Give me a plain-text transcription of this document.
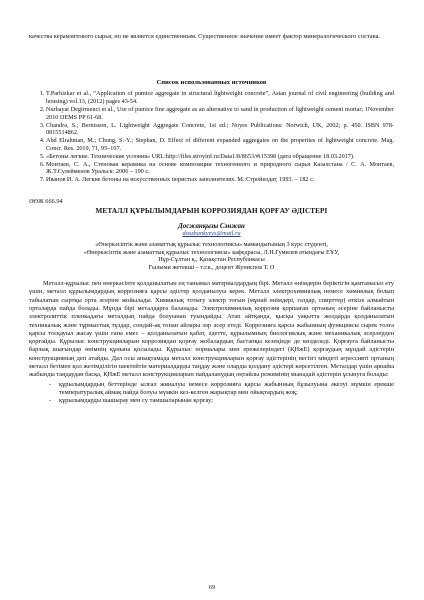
качества керамзитового сырья, но не является единственным. Существенное значение имеет фактор минералогического состава.

Список использованных источников
1. T.Parhizkar et al., “Application of pumice aggregate in structural lightweight concrete”, Asian journal of civil engineering (building and housing) vol.13, (2012) pages 43-54.
2. Nurhayat Degirmenci et al., Use of pumice fine aggregate as an alternative to sand in production of lightweight cement mortar; 1November 2010 IJEMS PP 61-68.
3. Chandra, S.; Berntsson, L. Lightweight Aggregate Concrete, 1st ed.; Noyes Publications: Norwich, UK, 2002; p. 450. ISBN 978-0815514862.
4. Abd Elrahman, M.; Chung, S.-Y.; Stephan, D. Effect of different expanded aggregates on the properties of lightweight concrete. Mag. Concr. Res. 2019, 71, 95–107.
5. «Бетоны легкие. Технические условия» URL:http://files.stroyinf.ru/Data1/8/8653/#i15398 (дата обращение 18.03.2017).
6. Монтаев, С. А., Стеновая керамика на основе композиции техногенного и природного сырья Казахстана / С. А. Монтаев, Ж.Т.Сулейменов Уральск: 2006 – 190 с.
7. Иванов И. А. Легкие бетоны на искусственных пористых заполнителях. М.:Стройиздат, 1993. – 182 с.
ӘӨЖ 666.94
МЕТАЛЛ ҚҰРЫЛЫМДАРЫН КОРРОЗИЯДАН ҚОРҒАУ ӘДІСТЕРІ
Досжанқызы Сәнжан
doszhankyzys@mail.ru
«Өнеркәсіптік және азаматтық құрылыс технологиясы» мамандығының 3 курс студенті,
«Өнеркәсіптік және азаматтық құрылыс технологиясы» кафедрасы, Л.Н.Гумилев атындағы ЕҰУ,
Нұр-Сұлтан қ., Қазақстан Республикасы
Ғылыми жетекші – т.г.к., доцент Жуниспов Т. О

Металл-құрылыс пен өнеркәсіпте қолданылатын ең танымал материалдардың бірі. Металл өнімдерін беріктігін қамтамасыз ету үшін, металл құрылымдардың коррозияға қарсы әдістер қолданылуы керек. Металл электрохимиялық немесе химиялық болып табылатын сыртқы орта әсеріне жойылады. Химиялық тотығу электр тогын (мұнай өнімдері, газдар, спирттер) өткізе алмайтын орталарда пайда болады. Мұнда бірі металдарға баланады. Электрохимиялық коррозия қоршаған ортаның әсеріне байланысты электролиттік пленкадағы металдың пайда болуынан туындайды. Атап айтқанда, қысқы уақытта жолдарда қолданылатын техникалық және тұрмыстық тұздар, сондай-ақ топан айлары зор әсер етеді. Коррозияға қарсы жабынның функциясы сырек толға қарсы тосқауыл жасау үшін ғана емес – қолданылатын қабат, әдетте, құрылымның биологиялық және механикалық әсерлерден қорғайды. Құрылыс конструкцияларын коррозиядан қорғау жобалардың бастапқы кезеңінде де көзделеді. Қорғауға байланысты барлық шығындар өнімнің құнына қосылады. Құрылыс нормалары мен ережелеріндегі (ҚНжЕ) қорғаудың мұндай әдістерін конструкцияның деп атайды. Дал осы анықтамада металл конструкцияларын қорғау әдістерінің негізгі міндеті агрессивті ортаның металл бетімен қол жетімділігін шектейтін материалдарды таңдау және оларды қолдану әдістері көрсетілген. Металдар үшін арнайы жабынды таңдаудан басқа, ҚНжЕ металл конструкцияларын пайдаланудың оңтайлы режимінің мынадай әдістерін ұсынуға болады:

- құрылымдардың беттерінде ылғал жиналуы немесе коррозияға қарсы жабынның бұзылуына әкелуі мүмкін ерекше температуралық аймақ пайда болуы мүмкін кез-келген жарықтар мен ойықтардың жоқ;
- құрылымдарды шашырау мен су тамшыларынан қорғау;
69
